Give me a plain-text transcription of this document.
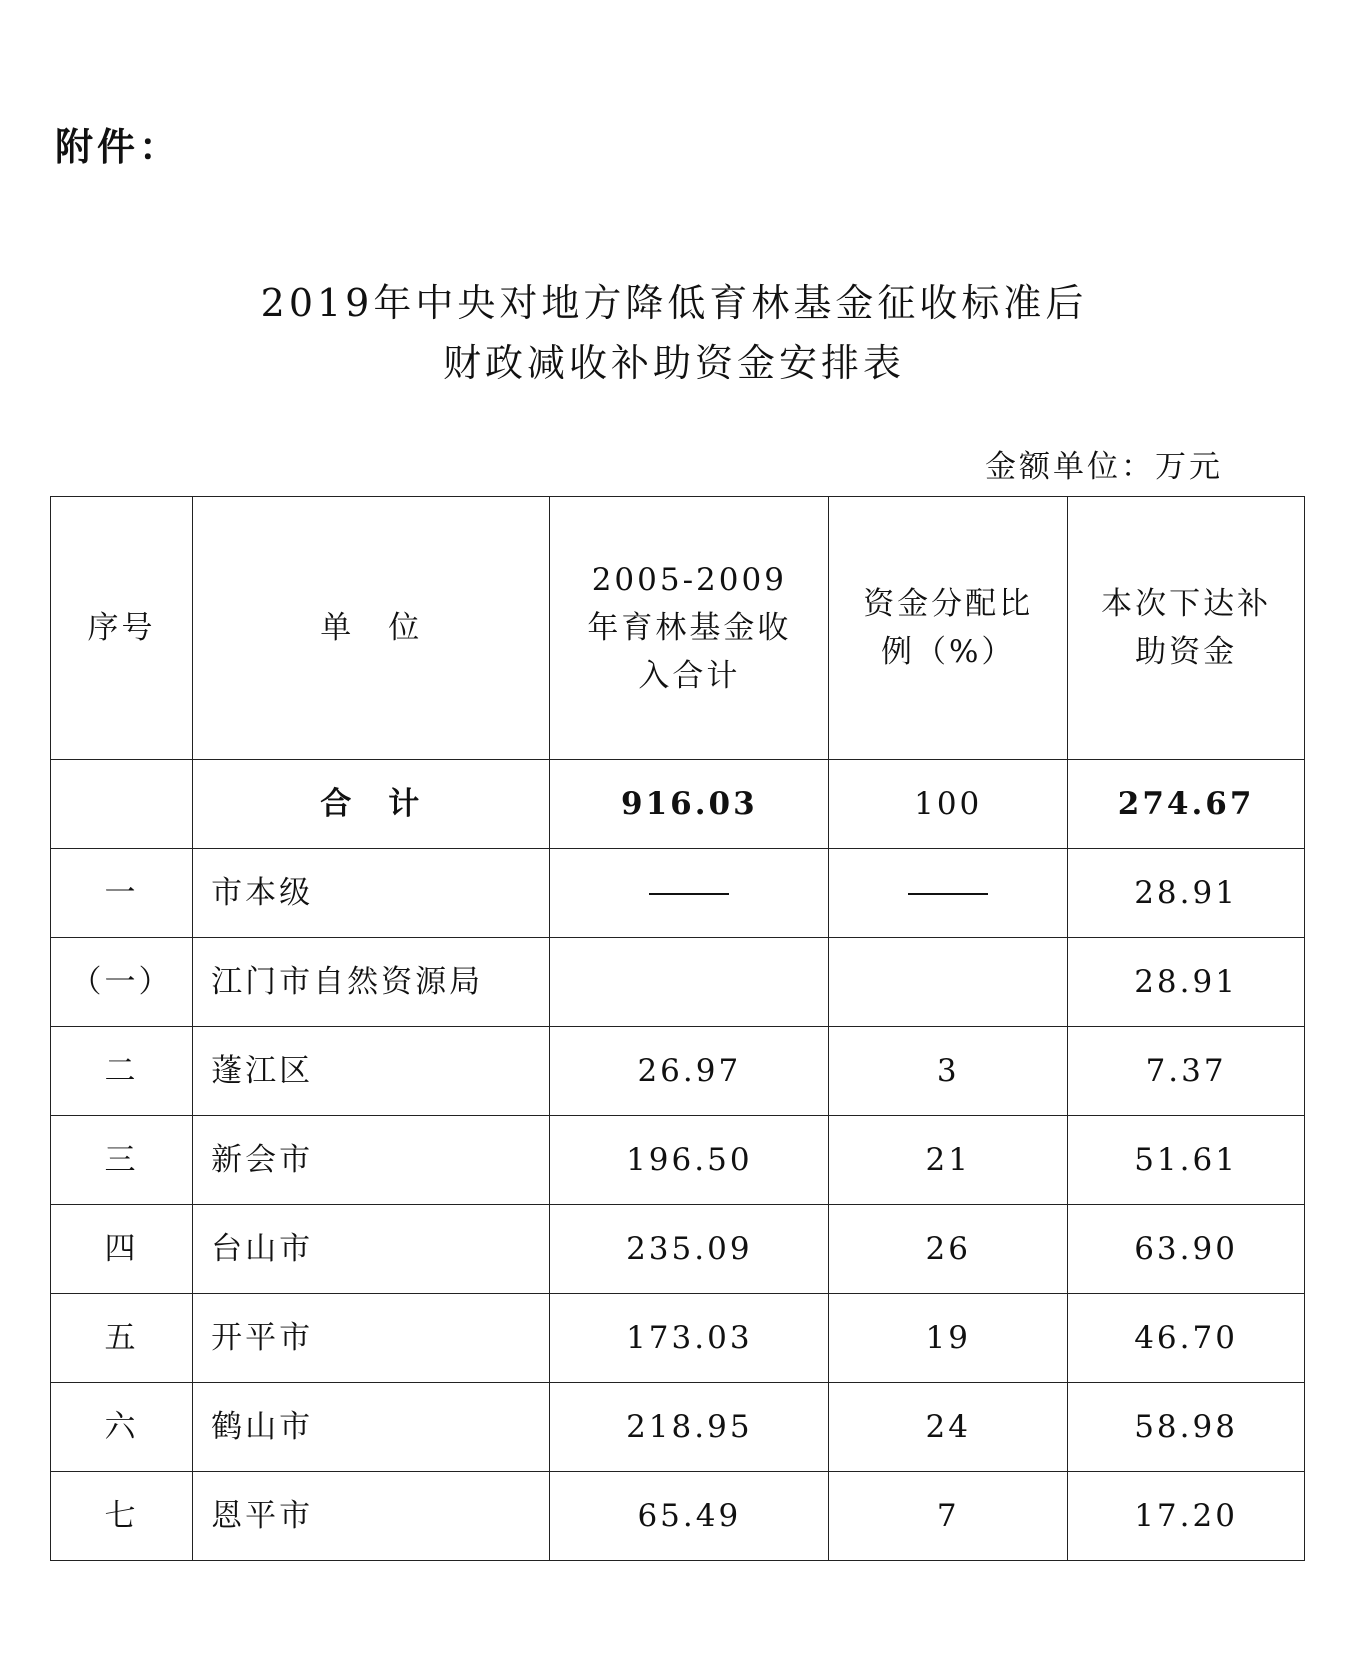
附件：
2019年中央对地方降低育林基金征收标准后
财政减收补助资金安排表
金额单位：万元
序号	单　位	2005-2009年育林基金收入合计	资金分配比例（%）	本次下达补助资金
	合　计	916.03	100	274.67
一	市本级			28.91
（一）	江门市自然资源局			28.91
二	蓬江区	26.97	3	7.37
三	新会市	196.50	21	51.61
四	台山市	235.09	26	63.90
五	开平市	173.03	19	46.70
六	鹤山市	218.95	24	58.98
七	恩平市	65.49	7	17.20
